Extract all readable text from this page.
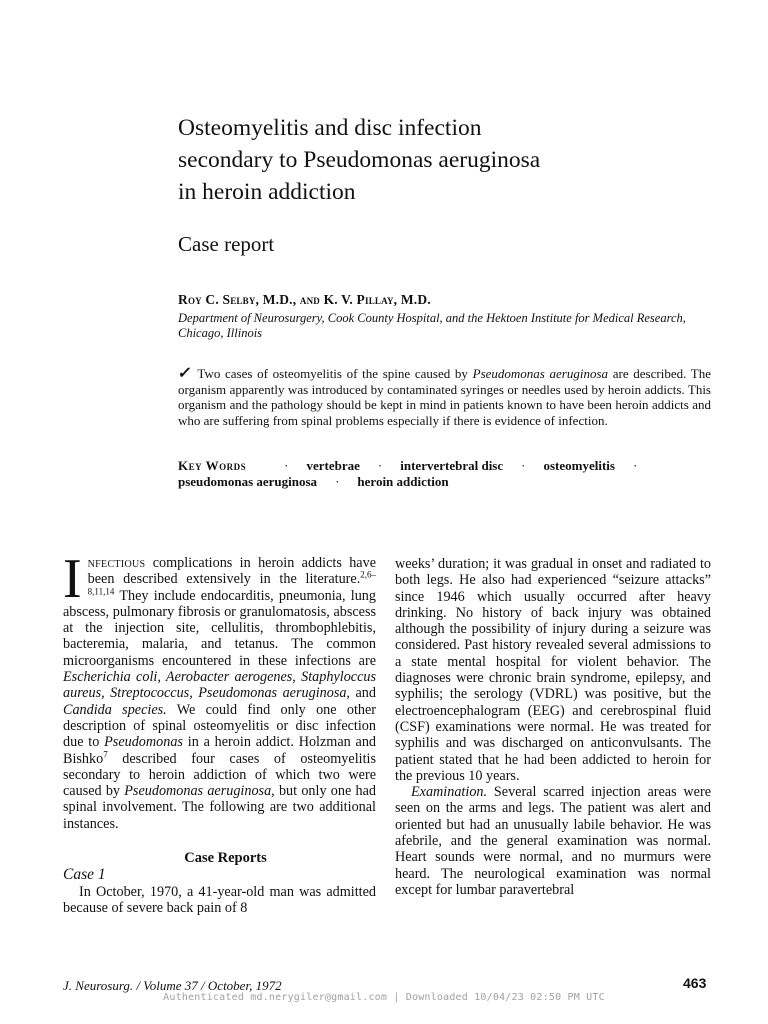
Osteomyelitis and disc infection
secondary to Pseudomonas aeruginosa
in heroin addiction
Case report
Roy C. Selby, M.D., and K. V. Pillay, M.D.
Department of Neurosurgery, Cook County Hospital, and the Hektoen Institute for Medical Research, Chicago, Illinois
✓ Two cases of osteomyelitis of the spine caused by Pseudomonas aeruginosa are described. The organism apparently was introduced by contaminated syringes or needles used by heroin addicts. This organism and the pathology should be kept in mind in patients known to have been heroin addicts and who are suffering from spinal problems especially if there is evidence of infection.
Key Words	· vertebrae · intervertebral disc · osteomyelitis ·
pseudomonas aeruginosa · heroin addiction

Infectious complications in heroin addicts have been described extensively in the literature.$^{2,6-8,11,14}$ They include endocarditis, pneumonia, lung abscess, pulmonary fibrosis or granulomatosis, abscess at the injection site, cellulitis, thrombophlebitis, bacteremia, malaria, and tetanus. The common microorganisms encountered in these infections are Escherichia coli, Aerobacter aerogenes, Staphyloccus aureus, Streptococcus, Pseudomonas aeruginosa, and Candida species. We could find only one other description of spinal osteomyelitis or disc infection due to Pseudomonas in a heroin addict. Holzman and Bishko$^7$ described four cases of osteomyelitis secondary to heroin addiction of which two were caused by Pseudomonas aeruginosa, but only one had spinal involvement. The following are two additional instances.

Case Reports
Case 1

In October, 1970, a 41-year-old man was admitted because of severe back pain of 8

weeks’ duration; it was gradual in onset and radiated to both legs. He also had experienced “seizure attacks” since 1946 which usually occurred after heavy drinking. No history of back injury was obtained although the possibility of injury during a seizure was considered. Past history revealed several admissions to a state mental hospital for violent behavior. The diagnoses were chronic brain syndrome, epilepsy, and syphilis; the serology (VDRL) was positive, but the electroencephalogram (EEG) and cerebrospinal fluid (CSF) examinations were normal. He was treated for syphilis and was discharged on anticonvulsants. The patient stated that he had been addicted to heroin for the previous 10 years.

Examination. Several scarred injection areas were seen on the arms and legs. The patient was alert and oriented but had an unusually labile behavior. He was afebrile, and the general examination was normal. Heart sounds were normal, and no murmurs were heard. The neurological examination was normal except for lumbar paravertebral

J. Neurosurg. / Volume 37 / October, 1972	463
Authenticated md.nerygiler@gmail.com | Downloaded 10/04/23 02:50 PM UTC
